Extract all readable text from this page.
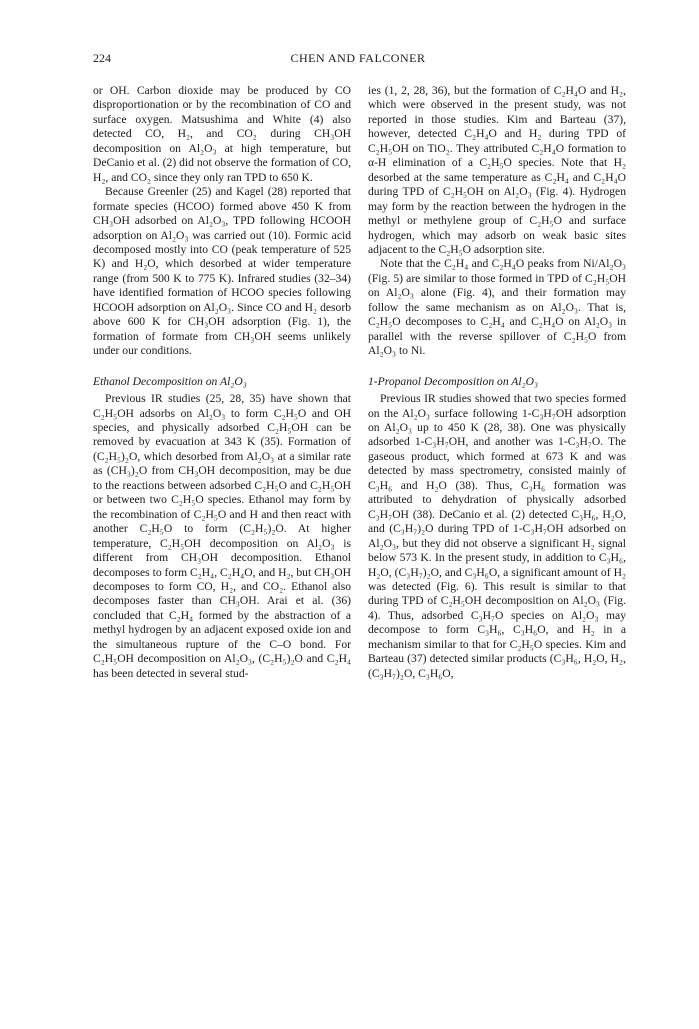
224	CHEN AND FALCONER

or OH. Carbon dioxide may be produced by CO disproportionation or by the recombination of CO and surface oxygen. Matsushima and White (4) also detected CO, H₂, and CO₂ during CH₃OH decomposition on Al₂O₃ at high temperature, but DeCanio et al. (2) did not observe the formation of CO, H₂, and CO₂ since they only ran TPD to 650 K.

Because Greenler (25) and Kagel (28) reported that formate species (HCOO) formed above 450 K from CH₃OH adsorbed on Al₂O₃, TPD following HCOOH adsorption on Al₂O₃ was carried out (10). Formic acid decomposed mostly into CO (peak temperature of 525 K) and H₂O, which desorbed at wider temperature range (from 500 K to 775 K). Infrared studies (32–34) have identified formation of HCOO species following HCOOH adsorption on Al₂O₃. Since CO and H₂ desorb above 600 K for CH₃OH adsorption (Fig. 1), the formation of formate from CH₃OH seems unlikely under our conditions.

Ethanol Decomposition on Al₂O₃

Previous IR studies (25, 28, 35) have shown that C₂H₅OH adsorbs on Al₂O₃ to form C₂H₅O and OH species, and physically adsorbed C₂H₅OH can be removed by evacuation at 343 K (35). Formation of (C₂H₅)₂O, which desorbed from Al₂O₃ at a similar rate as (CH₃)₂O from CH₃OH decomposition, may be due to the reactions between adsorbed C₂H₅O and C₂H₅OH or between two C₂H₅O species. Ethanol may form by the recombination of C₂H₅O and H and then react with another C₂H₅O to form (C₂H₅)₂O. At higher temperature, C₂H₅OH decomposition on Al₂O₃ is different from CH₃OH decomposition. Ethanol decomposes to form C₂H₄, C₂H₄O, and H₂, but CH₃OH decomposes to form CO, H₂, and CO₂. Ethanol also decomposes faster than CH₃OH. Arai et al. (36) concluded that C₂H₄ formed by the abstraction of a methyl hydrogen by an adjacent exposed oxide ion and the simultaneous rupture of the C–O bond. For C₂H₅OH decomposition on Al₂O₃, (C₂H₅)₂O and C₂H₄ has been detected in several stud-

ies (1, 2, 28, 36), but the formation of C₂H₄O and H₂, which were observed in the present study, was not reported in those studies. Kim and Barteau (37), however, detected C₂H₄O and H₂ during TPD of C₂H₅OH on TiO₂. They attributed C₂H₄O formation to α-H elimination of a C₂H₅O species. Note that H₂ desorbed at the same temperature as C₂H₄ and C₂H₄O during TPD of C₂H₅OH on Al₂O₃ (Fig. 4). Hydrogen may form by the reaction between the hydrogen in the methyl or methylene group of C₂H₅O and surface hydrogen, which may adsorb on weak basic sites adjacent to the C₂H₅O adsorption site.

Note that the C₂H₄ and C₂H₄O peaks from Ni/Al₂O₃ (Fig. 5) are similar to those formed in TPD of C₂H₅OH on Al₂O₃ alone (Fig. 4), and their formation may follow the same mechanism as on Al₂O₃. That is, C₂H₅O decomposes to C₂H₄ and C₂H₄O on Al₂O₃ in parallel with the reverse spillover of C₂H₅O from Al₂O₃ to Ni.

1-Propanol Decomposition on Al₂O₃

Previous IR studies showed that two species formed on the Al₂O₃ surface following 1-C₃H₇OH adsorption on Al₂O₃ up to 450 K (28, 38). One was physically adsorbed 1-C₃H₇OH, and another was 1-C₃H₇O. The gaseous product, which formed at 673 K and was detected by mass spectrometry, consisted mainly of C₃H₆ and H₂O (38). Thus, C₃H₆ formation was attributed to dehydration of physically adsorbed C₃H₇OH (38). DeCanio et al. (2) detected C₃H₆, H₂O, and (C₃H₇)₂O during TPD of 1-C₃H₇OH adsorbed on Al₂O₃, but they did not observe a significant H₂ signal below 573 K. In the present study, in addition to C₃H₆, H₂O, (C₃H₇)₂O, and C₃H₆O, a significant amount of H₂ was detected (Fig. 6). This result is similar to that during TPD of C₂H₅OH decomposition on Al₂O₃ (Fig. 4). Thus, adsorbed C₃H₇O species on Al₂O₃ may decompose to form C₃H₆, C₃H₆O, and H₂ in a mechanism similar to that for C₂H₅O species. Kim and Barteau (37) detected similar products (C₃H₆, H₂O, H₂, (C₃H₇)₂O, C₃H₆O,
